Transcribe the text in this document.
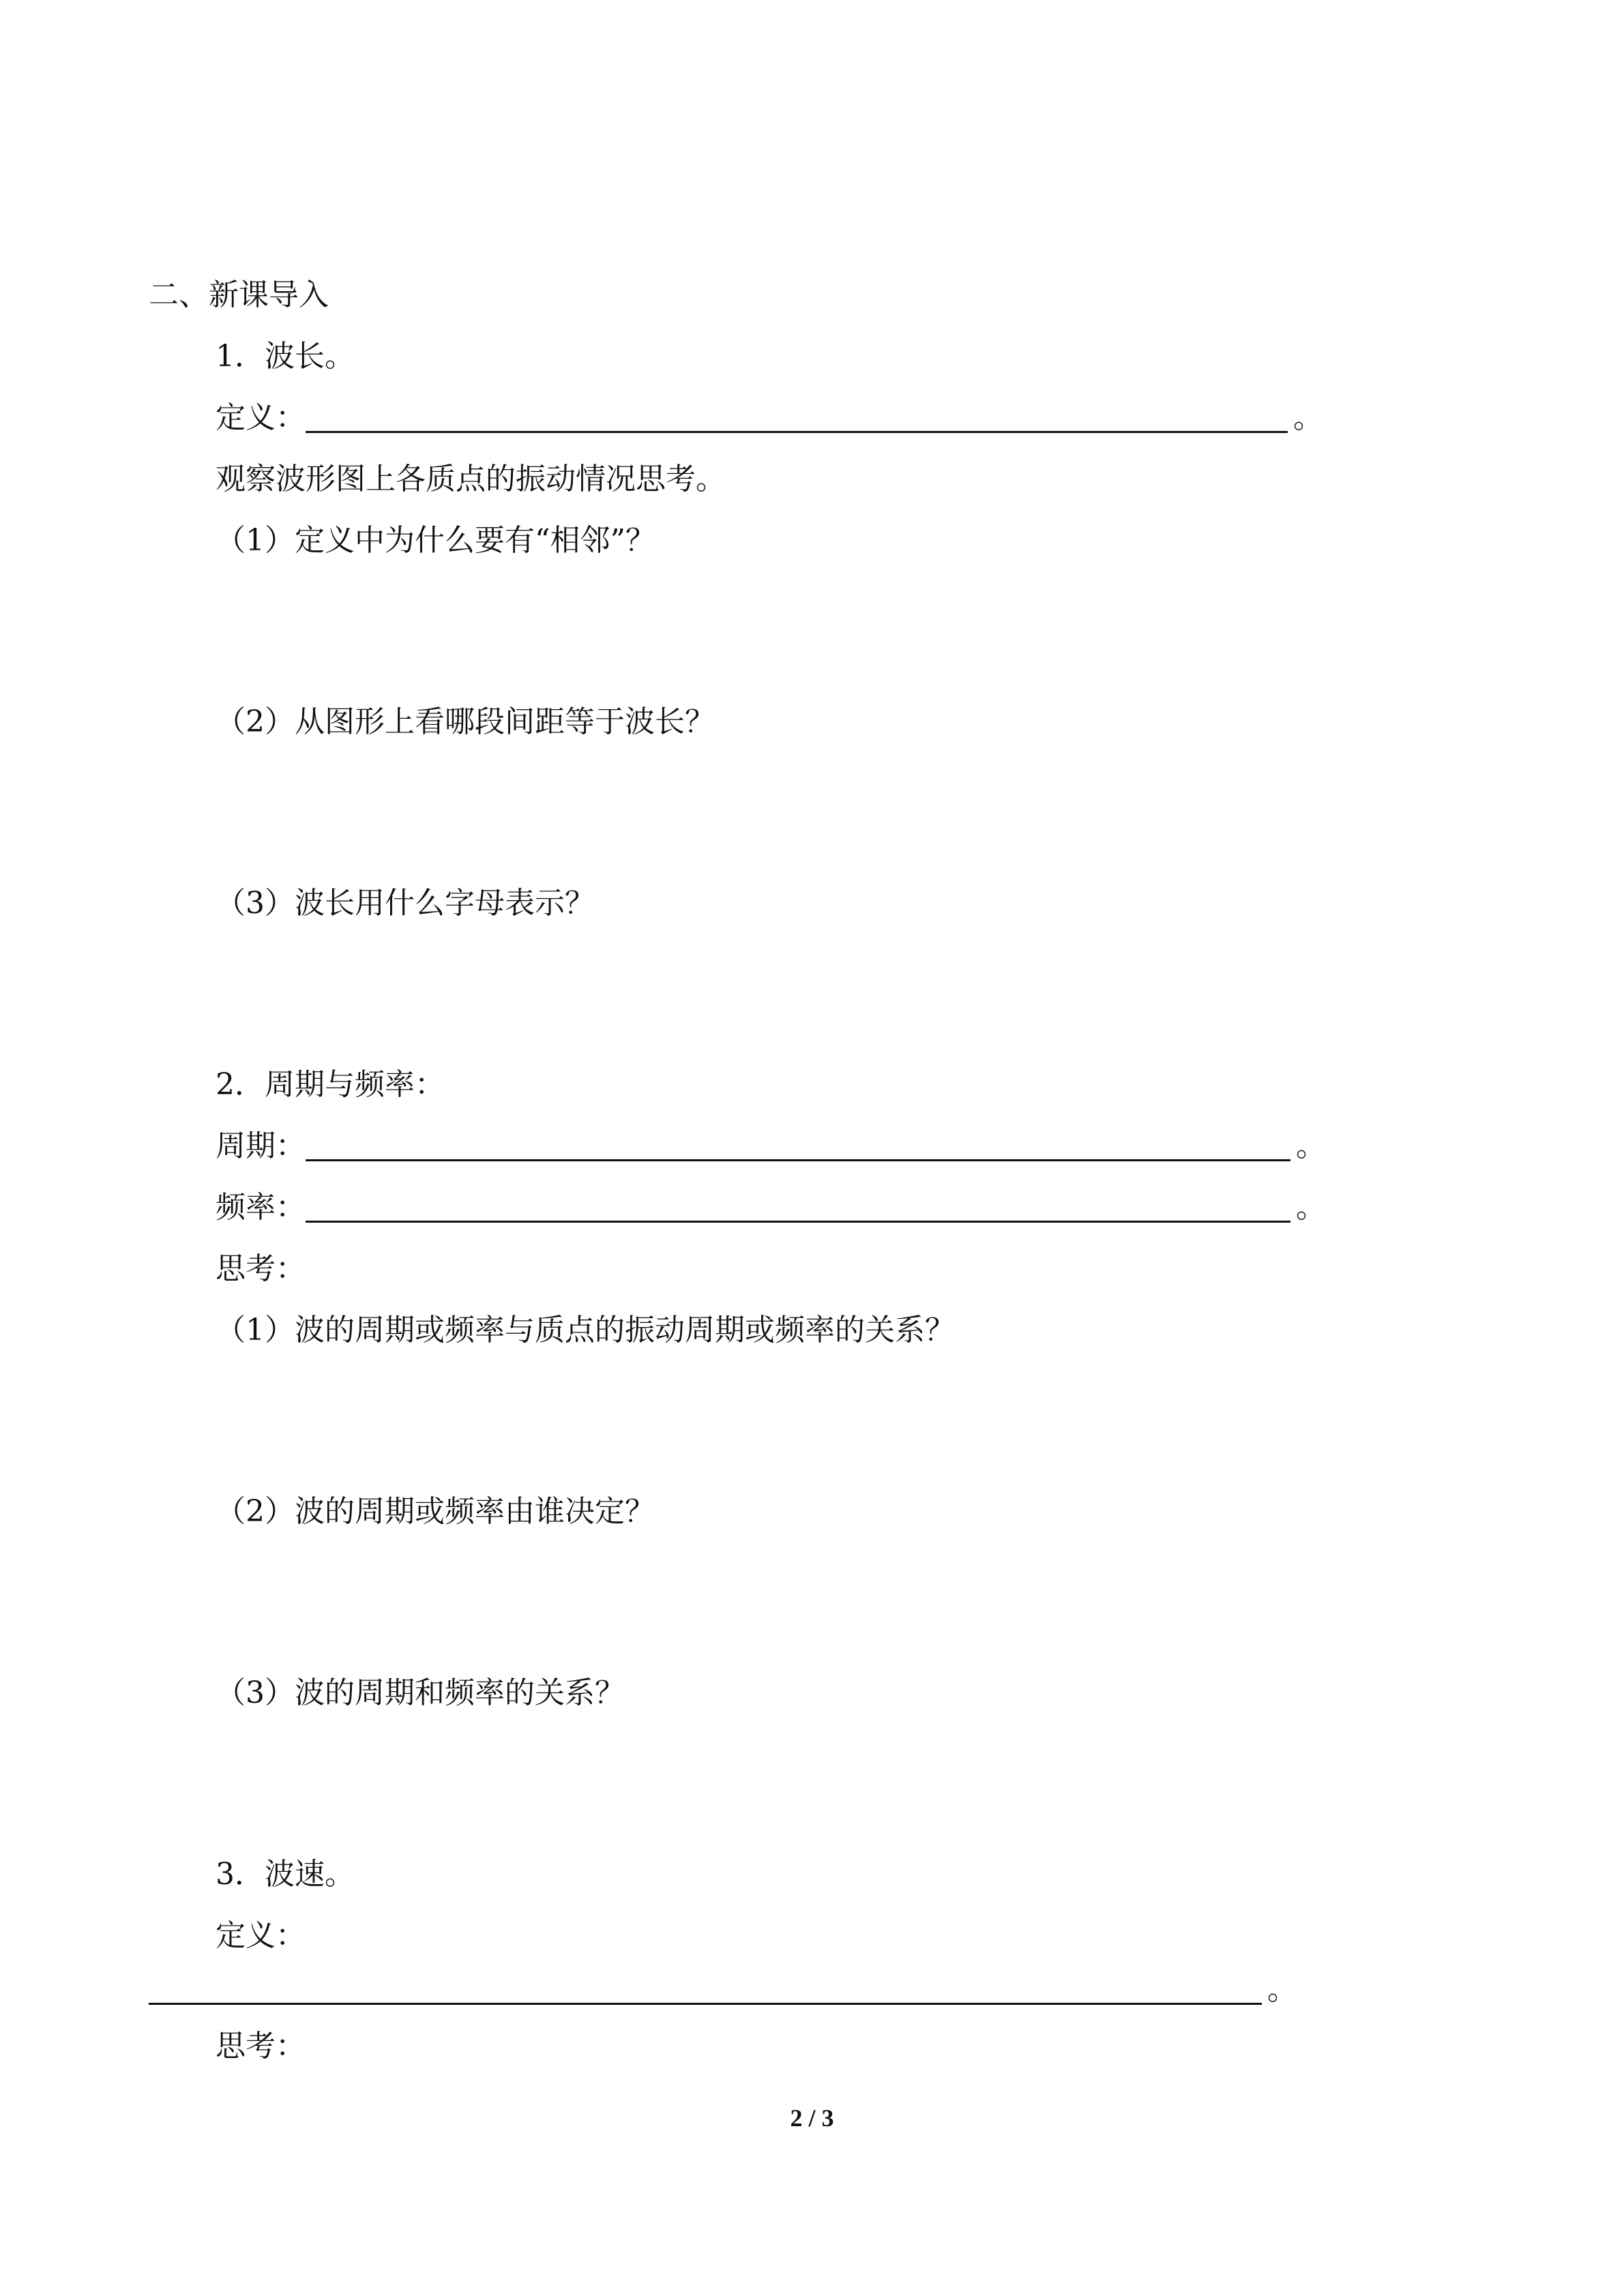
二、新课导入
1．波长。
定义：	。
观察波形图上各质点的振动情况思考。
（1）定义中为什么要有“相邻”？
（2）从图形上看哪段间距等于波长？
（3）波长用什么字母表示？
2．周期与频率：
周期：	。
频率：	。
思考：
（1）波的周期或频率与质点的振动周期或频率的关系？
（2）波的周期或频率由谁决定？
（3）波的周期和频率的关系？
3．波速。
定义：
。
思考：
2 / 3
